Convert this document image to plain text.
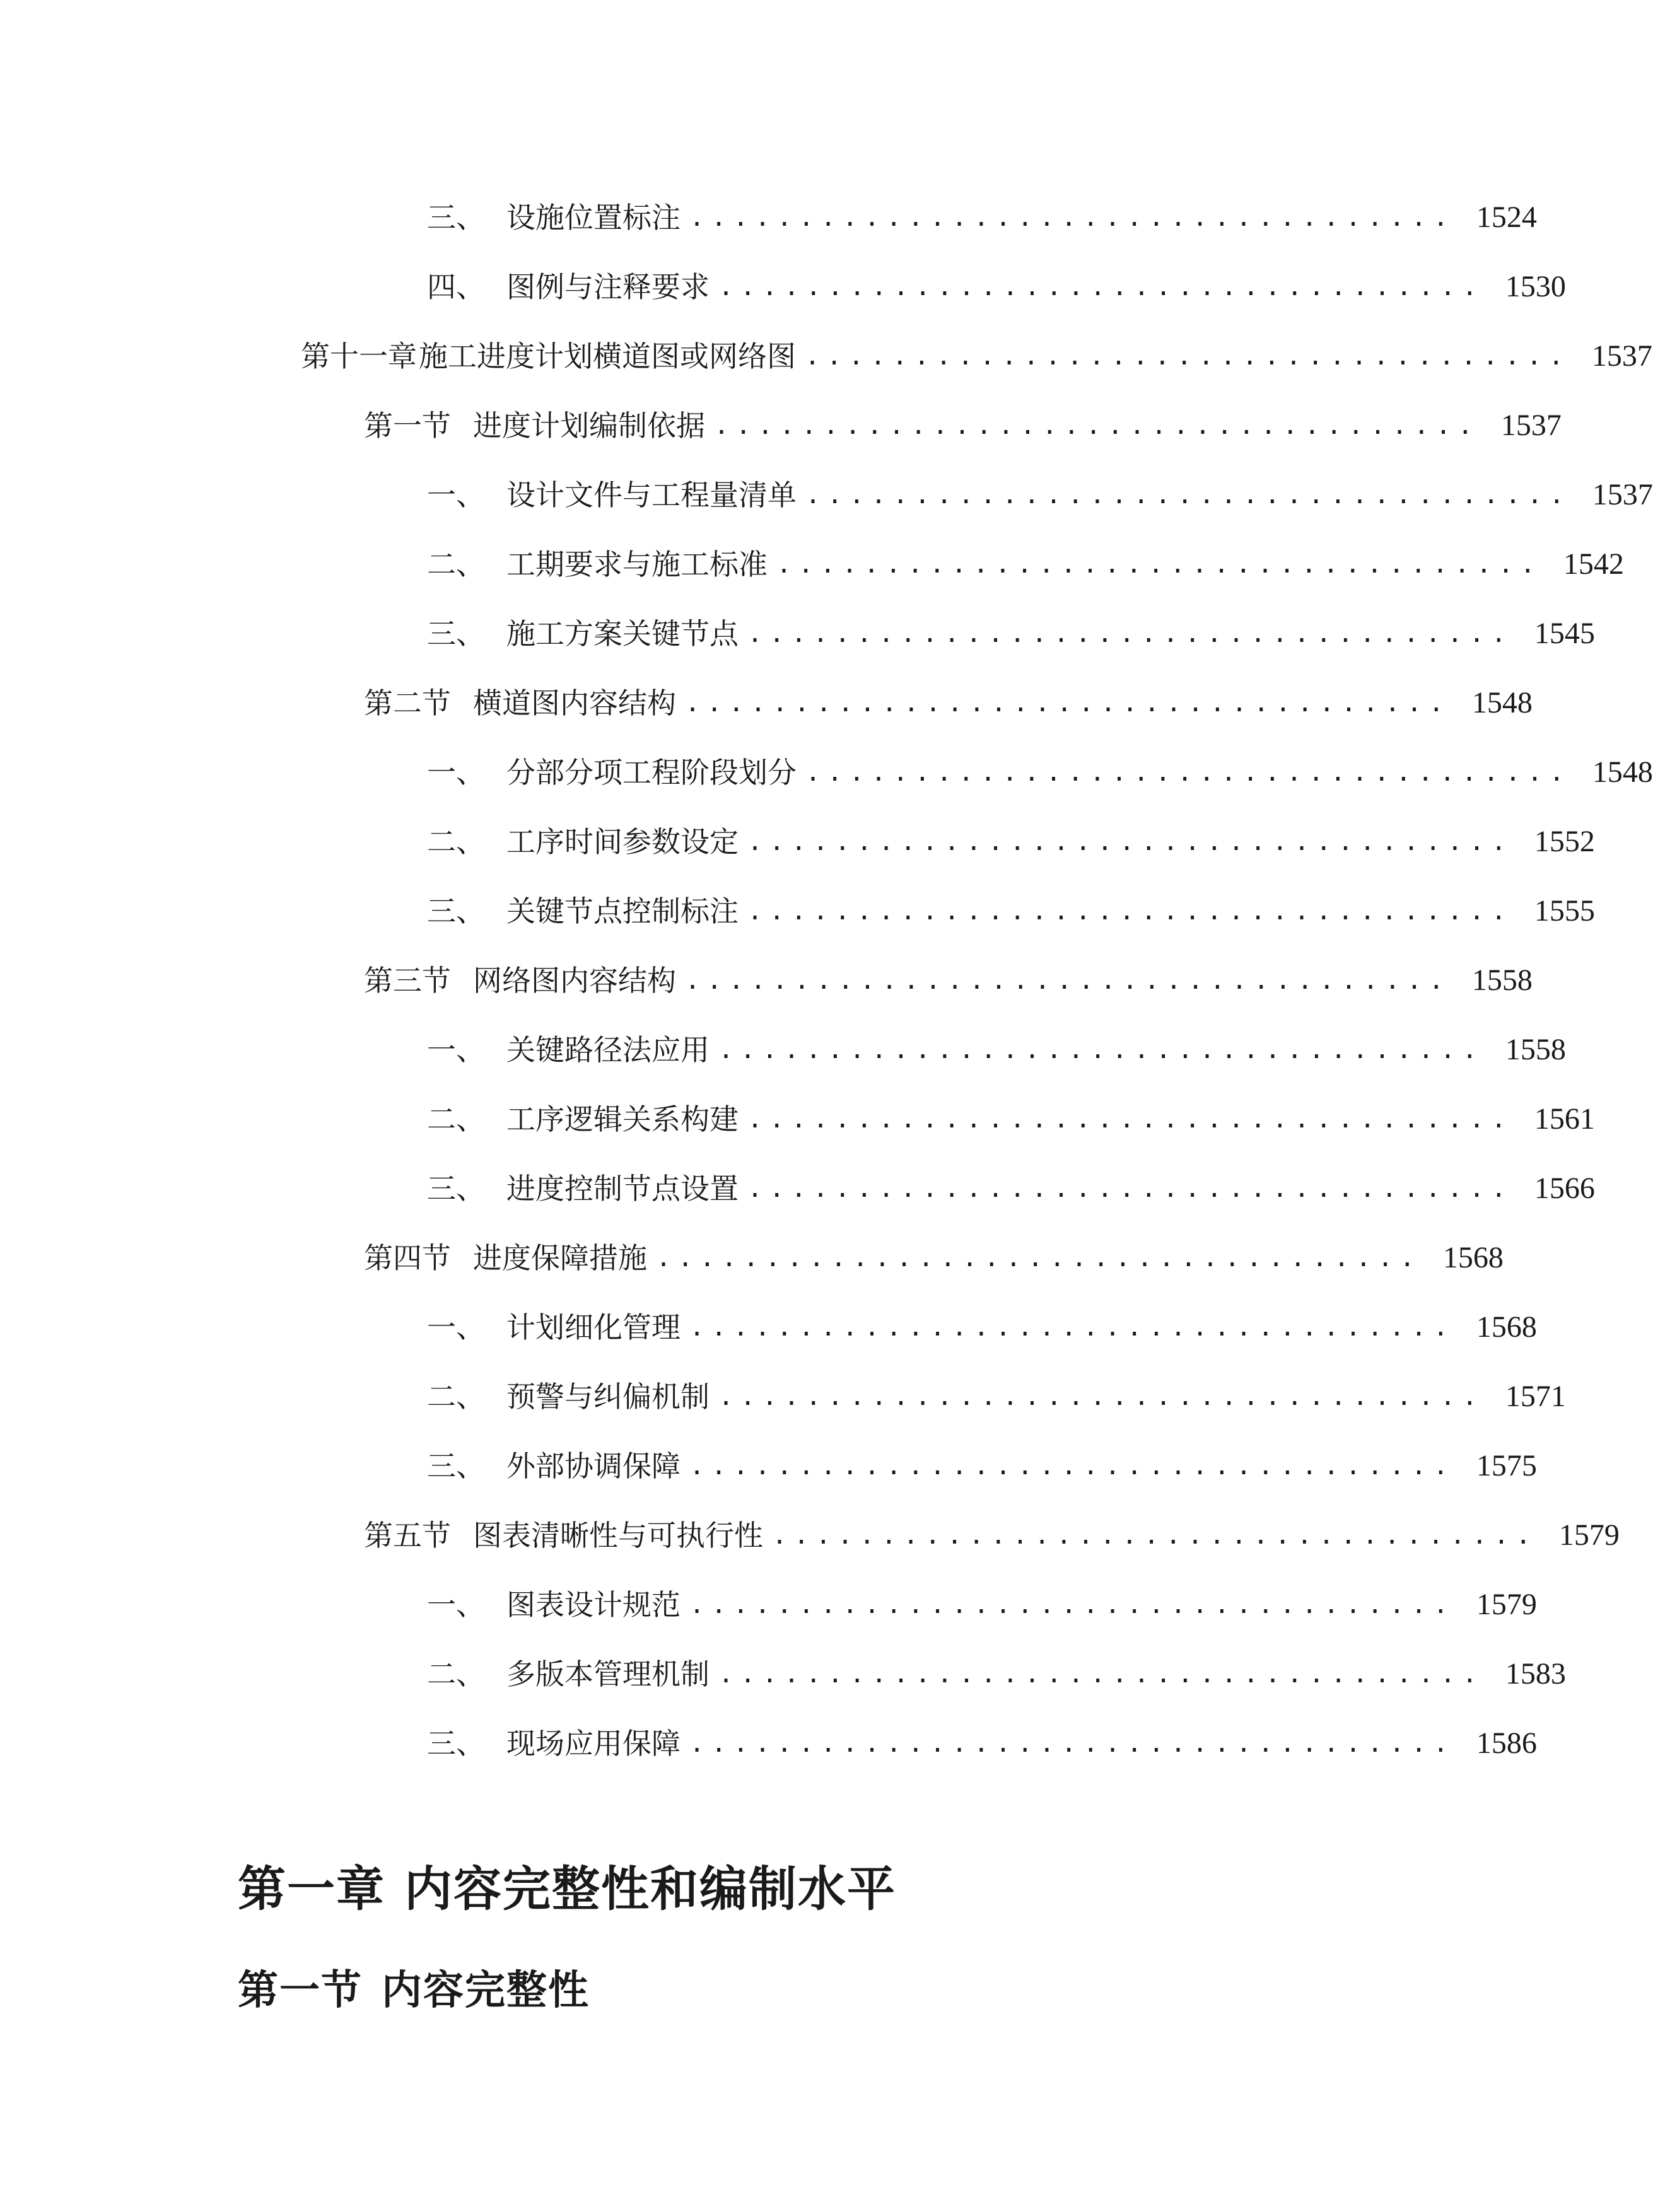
三、 设施位置标注 ................................... 1524
四、 图例与注释要求 ................................... 1530
第十一章 施工进度计划横道图或网络图 ................................... 1537
第一节 进度计划编制依据 ................................... 1537
一、 设计文件与工程量清单 ................................... 1537
二、 工期要求与施工标准 ................................... 1542
三、 施工方案关键节点 ................................... 1545
第二节 横道图内容结构 ................................... 1548
一、 分部分项工程阶段划分 ................................... 1548
二、 工序时间参数设定 ................................... 1552
三、 关键节点控制标注 ................................... 1555
第三节 网络图内容结构 ................................... 1558
一、 关键路径法应用 ................................... 1558
二、 工序逻辑关系构建 ................................... 1561
三、 进度控制节点设置 ................................... 1566
第四节 进度保障措施 ................................... 1568
一、 计划细化管理 ................................... 1568
二、 预警与纠偏机制 ................................... 1571
三、 外部协调保障 ................................... 1575
第五节 图表清晰性与可执行性 ................................... 1579
一、 图表设计规范 ................................... 1579
二、 多版本管理机制 ................................... 1583
三、 现场应用保障 ................................... 1586
第一章 内容完整性和编制水平
第一节 内容完整性
